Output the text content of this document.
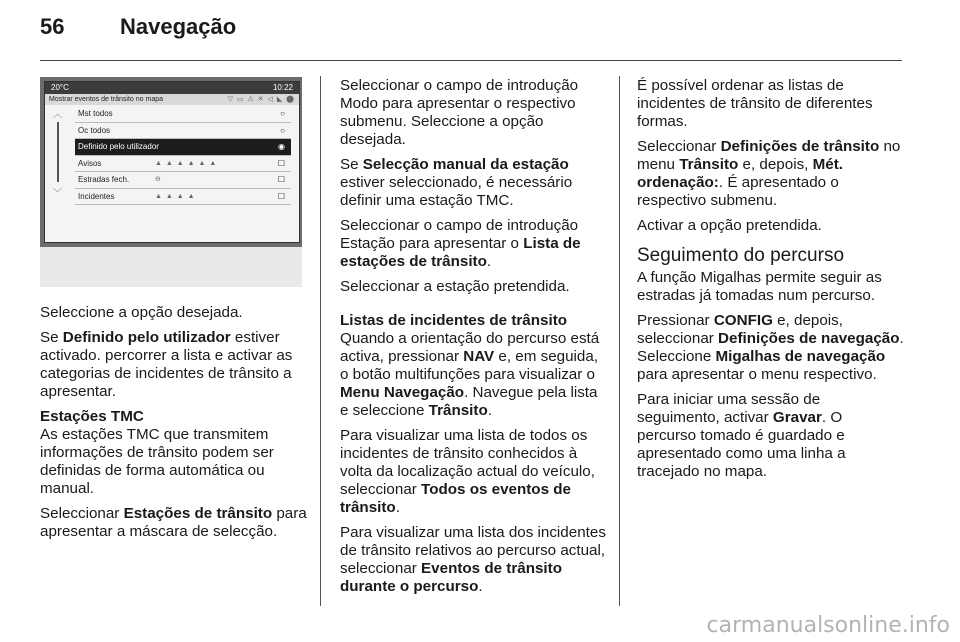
56	Navegação
20°C	10:22
Mostrar eventos de trânsito no mapa	▽ ▭ ⚠ ✕ ◁ ◣ ⬤
︿
﹀
Mst todos	○
Oc todos	○
Definido pelo utilizador	◉
Avisos	▲ ▲ ▲ ▲ ▲ ▲	☐
Estradas fech.	⊖	☐
Incidentes	▲ ▲ ▲ ▲	☐

Seleccione a opção desejada.

Se Definido pelo utilizador estiver activado. percorrer a lista e activar as categorias de incidentes de trânsito a apresentar.

Estações TMC

As estações TMC que transmitem informações de trânsito podem ser definidas de forma automática ou manual.

Seleccionar Estações de trânsito para apresentar a máscara de selecção.

Seleccionar o campo de introdução Modo para apresentar o respectivo submenu. Seleccione a opção desejada.

Se Selecção manual da estação estiver seleccionado, é necessário definir uma estação TMC.

Seleccionar o campo de introdução Estação para apresentar o Lista de estações de trânsito.

Seleccionar a estação pretendida.

Listas de incidentes de trânsito

Quando a orientação do percurso está activa, pressionar NAV e, em seguida, o botão multifunções para visualizar o Menu Navegação. Navegue pela lista e seleccione Trânsito.

Para visualizar uma lista de todos os incidentes de trânsito conhecidos à volta da localização actual do veículo, seleccionar Todos os eventos de trânsito.

Para visualizar uma lista dos incidentes de trânsito relativos ao percurso actual, seleccionar Eventos de trânsito durante o percurso.

É possível ordenar as listas de incidentes de trânsito de diferentes formas.

Seleccionar Definições de trânsito no menu Trânsito e, depois, Mét. ordenação:. É apresentado o respectivo submenu.

Activar a opção pretendida.

Seguimento do percurso

A função Migalhas permite seguir as estradas já tomadas num percurso.

Pressionar CONFIG e, depois, seleccionar Definições de navegação. Seleccione Migalhas de navegação para apresentar o menu respectivo.

Para iniciar uma sessão de seguimento, activar Gravar. O percurso tomado é guardado e apresentado como uma linha a tracejado no mapa.

carmanualsonline.info
